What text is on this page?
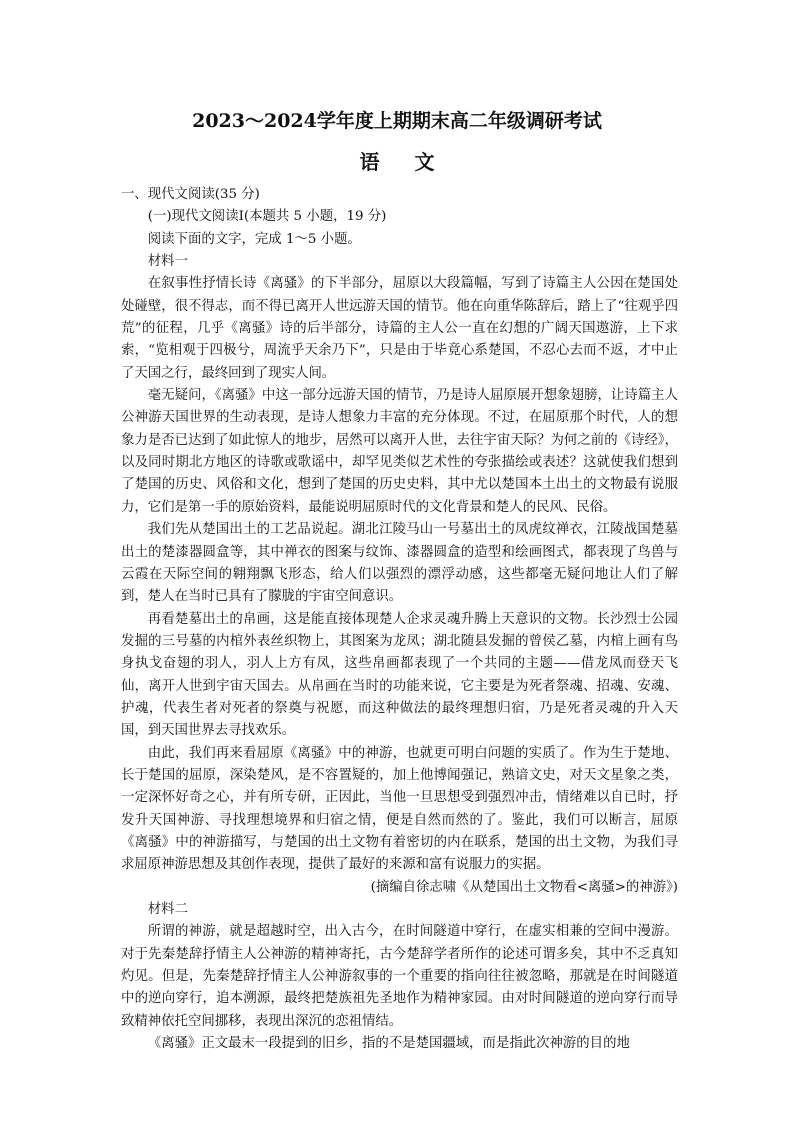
2023～2024学年度上期期末高二年级调研考试
语 文

一、现代文阅读(35 分)

(一)现代文阅读Ⅰ(本题共 5 小题，19 分)

阅读下面的文字，完成 1～5 小题。

材料一

在叙事性抒情长诗《离骚》的下半部分，屈原以大段篇幅，写到了诗篇主人公因在楚国处处碰壁，很不得志，而不得已离开人世远游天国的情节。他在向重华陈辞后，踏上了“往观乎四荒”的征程，几乎《离骚》诗的后半部分，诗篇的主人公一直在幻想的广阔天国遨游，上下求索，“览相观于四极兮，周流乎天余乃下”，只是由于毕竟心系楚国，不忍心去而不返，才中止了天国之行，最终回到了现实人间。

毫无疑问，《离骚》中这一部分远游天国的情节，乃是诗人屈原展开想象翅膀，让诗篇主人公神游天国世界的生动表现，是诗人想象力丰富的充分体现。不过，在屈原那个时代，人的想象力是否已达到了如此惊人的地步，居然可以离开人世，去往宇宙天际？为何之前的《诗经》，以及同时期北方地区的诗歌或歌谣中，却罕见类似艺术性的夸张描绘或表述？这就使我们想到了楚国的历史、风俗和文化，想到了楚国的历史史料，其中尤以楚国本土出土的文物最有说服力，它们是第一手的原始资料，最能说明屈原时代的文化背景和楚人的民风、民俗。

我们先从楚国出土的工艺品说起。湖北江陵马山一号墓出土的凤虎纹禅衣，江陵战国楚墓出土的楚漆器圆盒等，其中禅衣的图案与纹饰、漆器圆盒的造型和绘画图式，都表现了鸟兽与云霞在天际空间的翱翔飘飞形态，给人们以强烈的漂浮动感，这些都毫无疑问地让人们了解到，楚人在当时已具有了朦胧的宇宙空间意识。

再看楚墓出土的帛画，这是能直接体现楚人企求灵魂升腾上天意识的文物。长沙烈士公园发掘的三号墓的内棺外表丝织物上，其图案为龙凤；湖北随县发掘的曾侯乙墓，内棺上画有鸟身执戈奋翅的羽人，羽人上方有凤，这些帛画都表现了一个共同的主题——借龙凤而登天飞仙，离开人世到宇宙天国去。从帛画在当时的功能来说，它主要是为死者祭魂、招魂、安魂、护魂，代表生者对死者的祭奠与祝愿，而这种做法的最终理想归宿，乃是死者灵魂的升入天国，到天国世界去寻找欢乐。

由此，我们再来看屈原《离骚》中的神游，也就更可明白问题的实质了。作为生于楚地、长于楚国的屈原，深染楚风，是不容置疑的，加上他博闻强记，熟谙文史，对天文星象之类，一定深怀好奇之心，并有所专研，正因此，当他一旦思想受到强烈冲击，情绪难以自已时，抒发升天国神游、寻找理想境界和归宿之情，便是自然而然的了。鉴此，我们可以断言，屈原《离骚》中的神游描写，与楚国的出土文物有着密切的内在联系，楚国的出土文物，为我们寻求屈原神游思想及其创作表现，提供了最好的来源和富有说服力的实据。

(摘编自徐志啸《从楚国出土文物看<离骚>的神游》)

材料二

所谓的神游，就是超越时空，出入古今，在时间隧道中穿行，在虚实相兼的空间中漫游。对于先秦楚辞抒情主人公神游的精神寄托，古今楚辞学者所作的论述可谓多矣，其中不乏真知灼见。但是，先秦楚辞抒情主人公神游叙事的一个重要的指向往往被忽略，那就是在时间隧道中的逆向穿行，追本溯源，最终把楚族祖先圣地作为精神家园。由对时间隧道的逆向穿行而导致精神依托空间挪移，表现出深沉的恋祖情结。

《离骚》正文最末一段提到的旧乡，指的不是楚国疆域，而是指此次神游的目的地
